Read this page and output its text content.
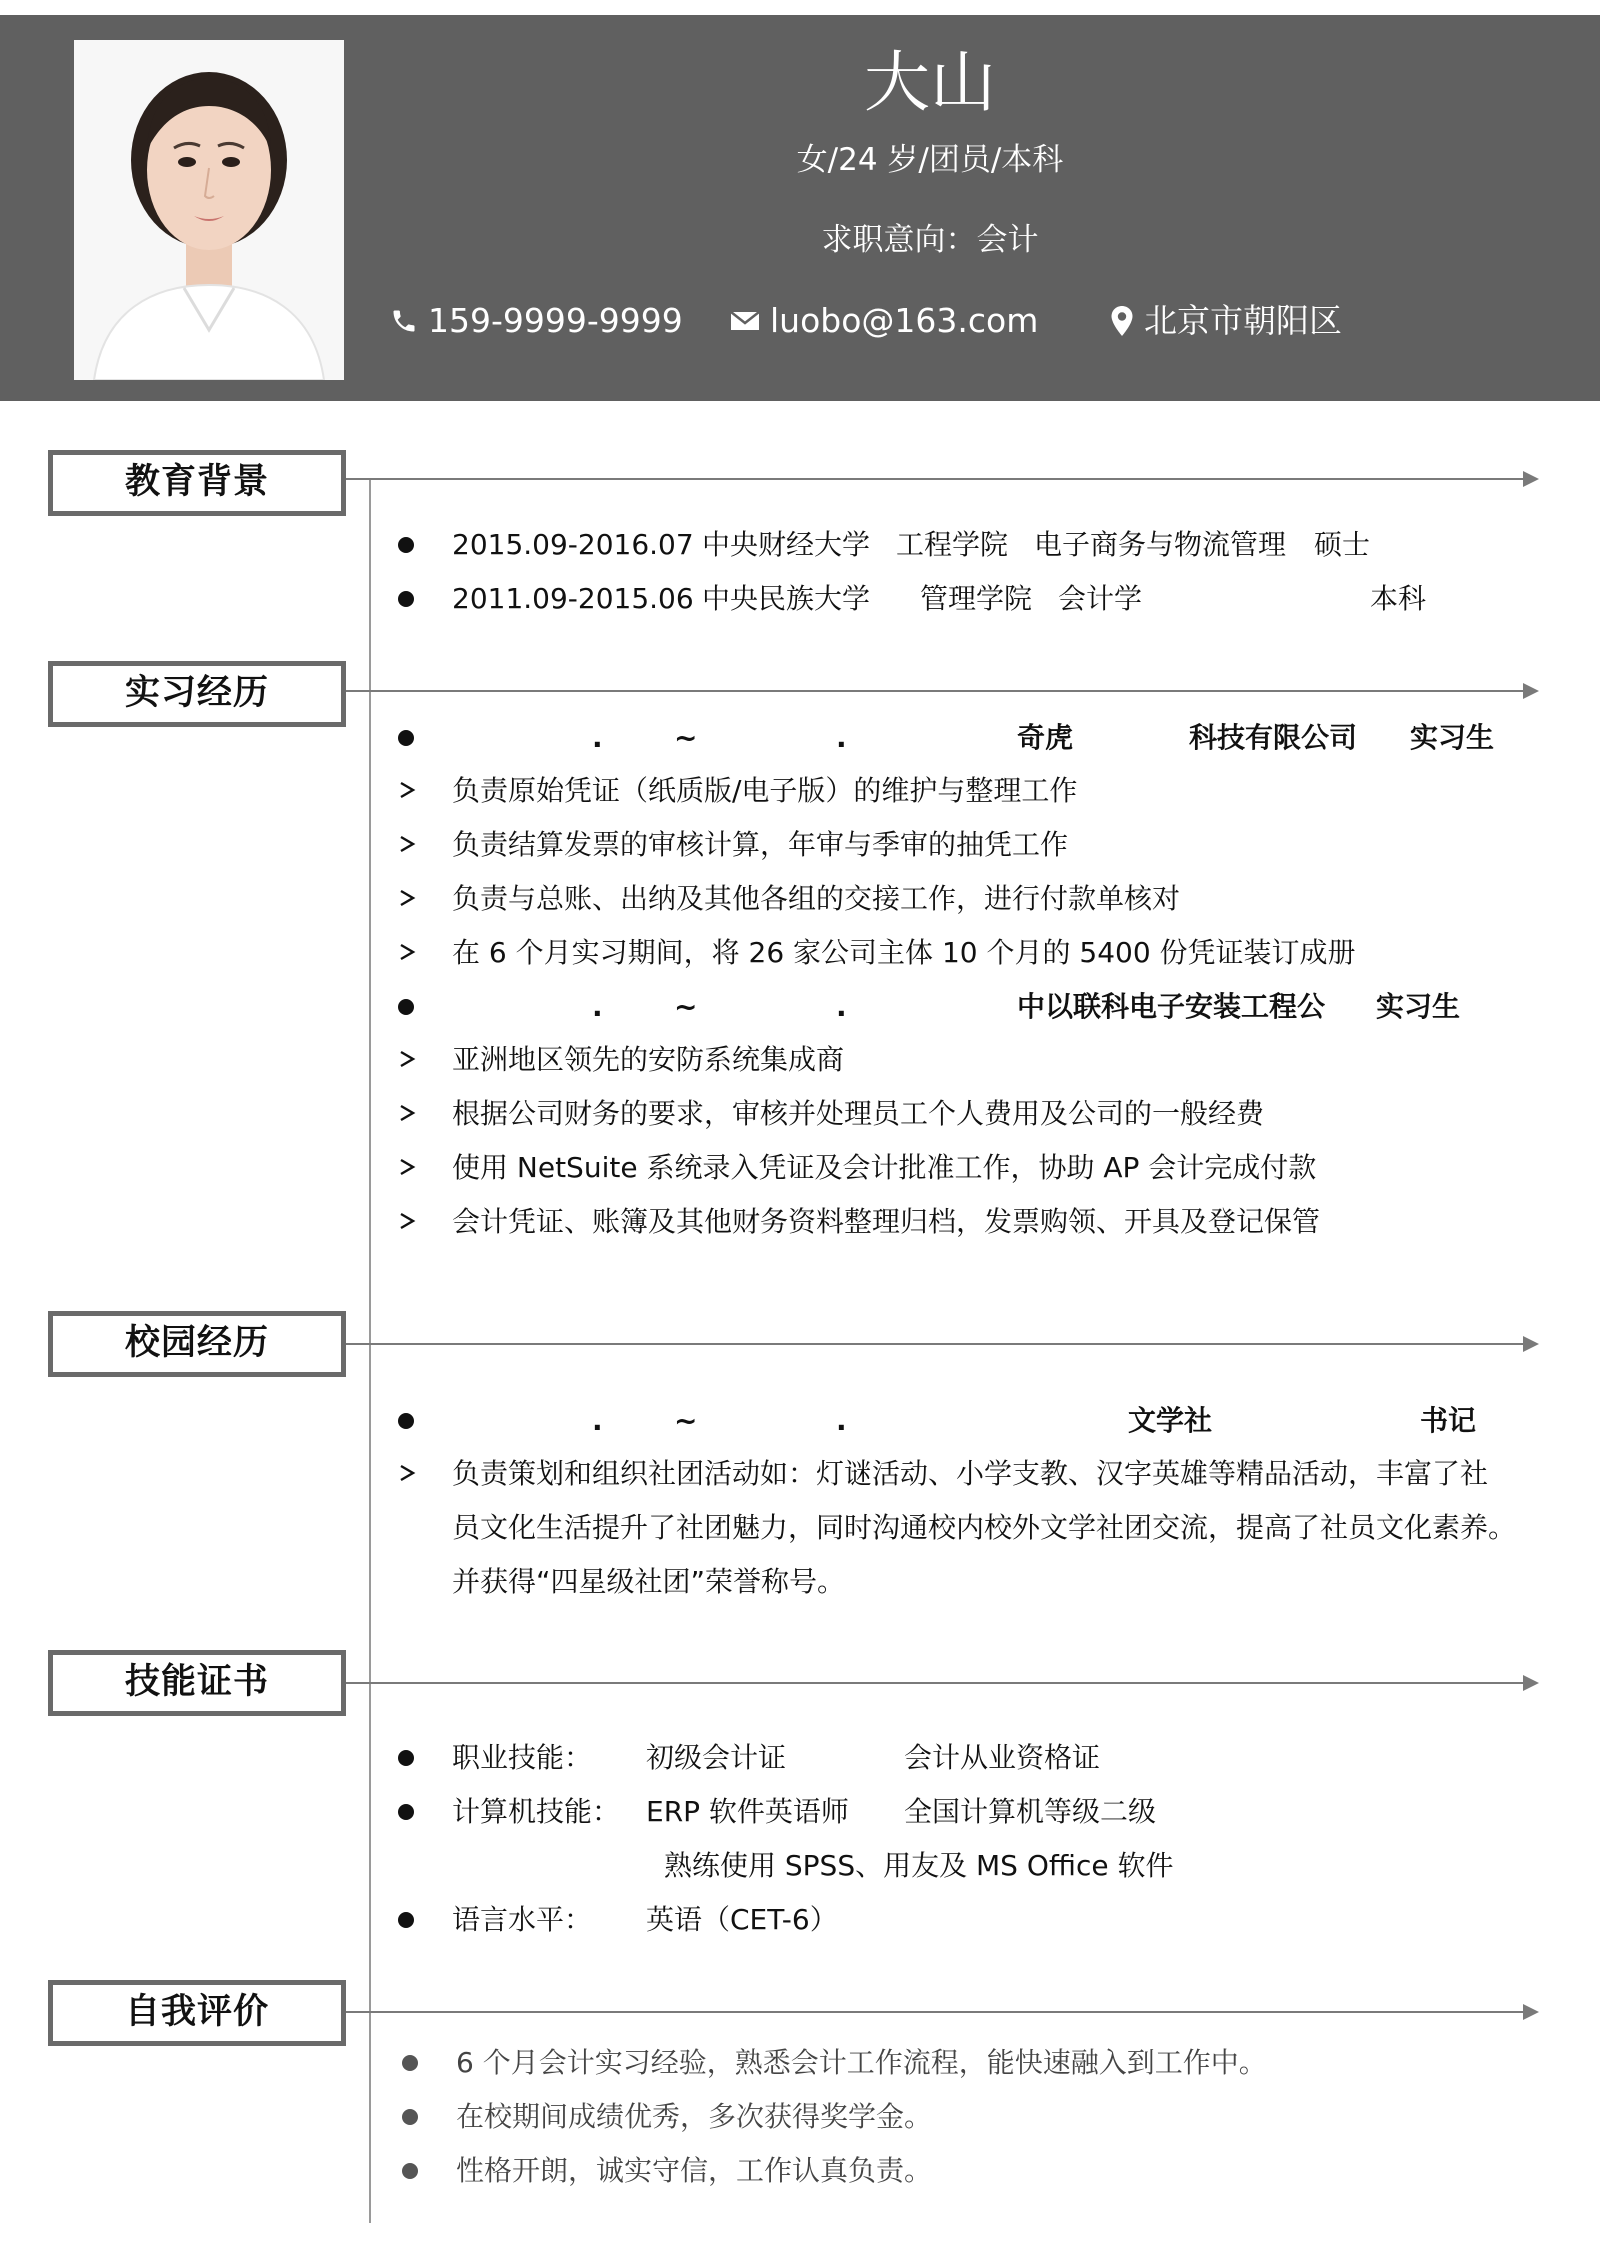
大山
女/24 岁/团员/本科
求职意向：会计
159-9999-9999	luobo@163.com	北京市朝阳区
教育背景
2015.09-2016.07 中央财经大学 工程学院 电子商务与物流管理 硕士
2011.09-2015.06 中央民族大学 管理学院 会计学	本科
实习经历
.	~	.	奇虎	科技有限公司 实习生
负责原始凭证（纸质版/电子版）的维护与整理工作
负责结算发票的审核计算，年审与季审的抽凭工作
负责与总账、出纳及其他各组的交接工作，进行付款单核对
在 6 个月实习期间，将 26 家公司主体 10 个月的 5400 份凭证装订成册
.	~	.	中以联科电子安装工程公 实习生
亚洲地区领先的安防系统集成商
根据公司财务的要求，审核并处理员工个人费用及公司的一般经费
使用 NetSuite 系统录入凭证及会计批准工作，协助 AP 会计完成付款
会计凭证、账簿及其他财务资料整理归档，发票购领、开具及登记保管
校园经历
.	~	.	文学社	书记
负责策划和组织社团活动如：灯谜活动、小学支教、汉字英雄等精品活动，丰富了社
员文化生活提升了社团魅力，同时沟通校内校外文学社团交流，提高了社员文化素养。
并获得“四星级社团”荣誉称号。
技能证书
职业技能： 初级会计证	会计从业资格证
计算机技能： ERP 软件英语师 全国计算机等级二级
熟练使用 SPSS、用友及 MS Office 软件
语言水平： 英语（CET-6）
自我评价
6 个月会计实习经验，熟悉会计工作流程，能快速融入到工作中。
在校期间成绩优秀，多次获得奖学金。
性格开朗，诚实守信，工作认真负责。
